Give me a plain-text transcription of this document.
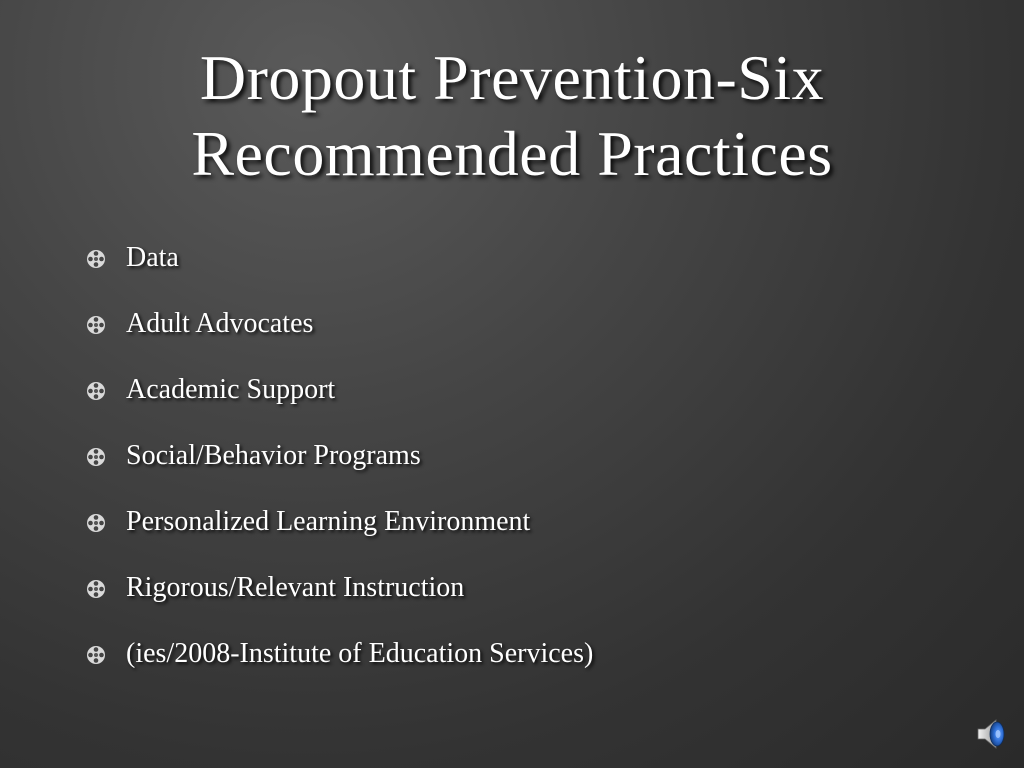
Dropout Prevention-Six
Recommended Practices
Data
Adult Advocates
Academic Support
Social/Behavior Programs
Personalized Learning Environment
Rigorous/Relevant Instruction
(ies/2008-Institute of Education Services)
